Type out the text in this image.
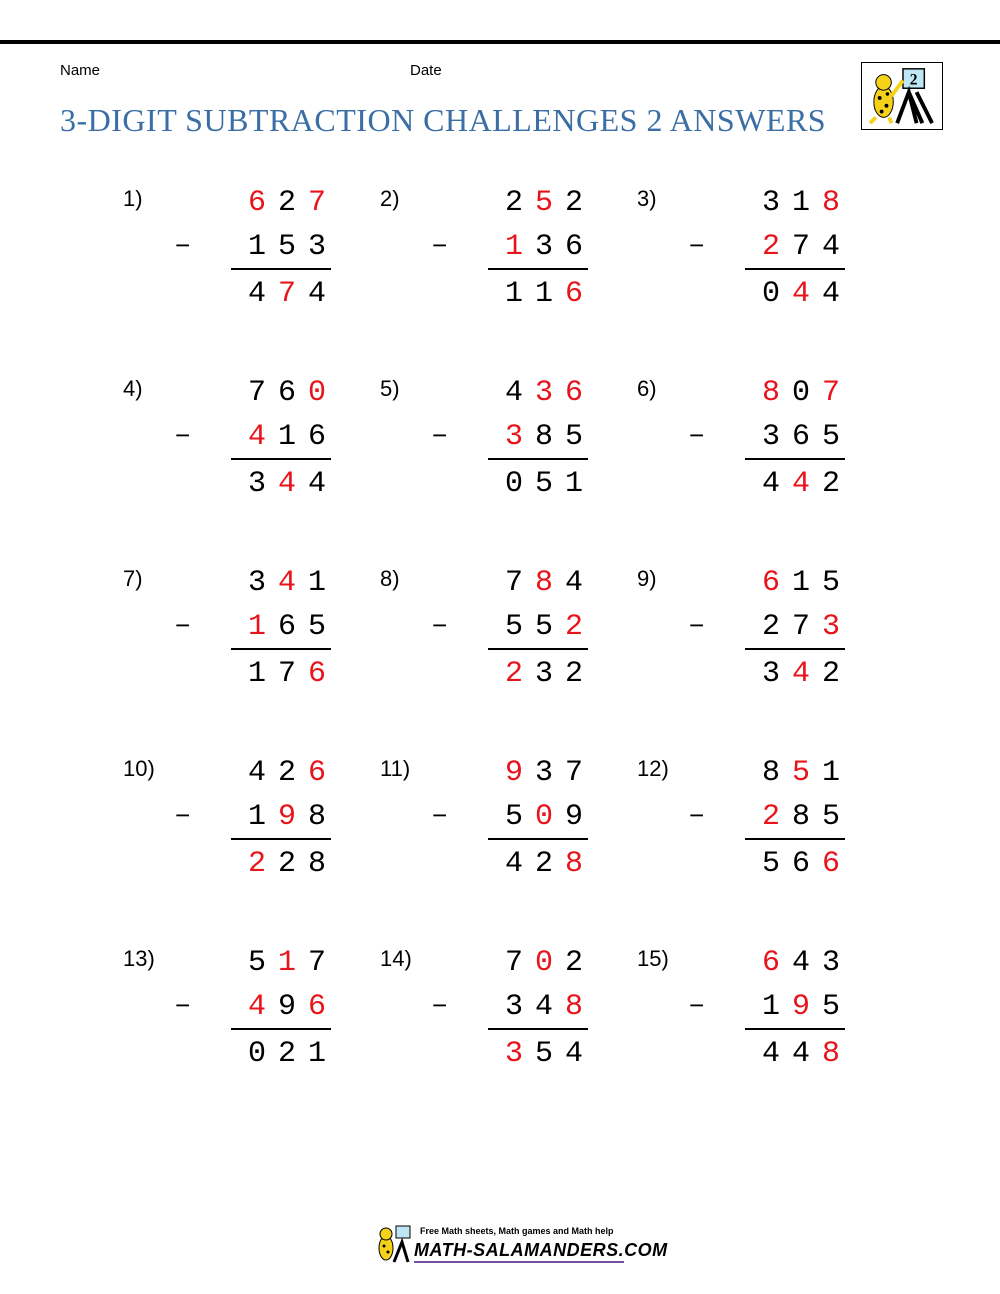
Name	Date
3-DIGIT SUBTRACTION CHALLENGES 2 ANSWERS
2
1)
−
6 2 7
1 5 3
4 7 4
2)
−
2 5 2
1 3 6
1 1 6
3)
−
3 1 8
2 7 4
0 4 4
4)
−
7 6 0
4 1 6
3 4 4
5)
−
4 3 6
3 8 5
0 5 1
6)
−
8 0 7
3 6 5
4 4 2
7)
−
3 4 1
1 6 5
1 7 6
8)
−
7 8 4
5 5 2
2 3 2
9)
−
6 1 5
2 7 3
3 4 2
10)
−
4 2 6
1 9 8
2 2 8
11)
−
9 3 7
5 0 9
4 2 8
12)
−
8 5 1
2 8 5
5 6 6
13)
−
5 1 7
4 9 6
0 2 1
14)
−
7 0 2
3 4 8
3 5 4
15)
−
6 4 3
1 9 5
4 4 8
Free Math sheets, Math games and Math help
MATH-SALAMANDERS.COM
